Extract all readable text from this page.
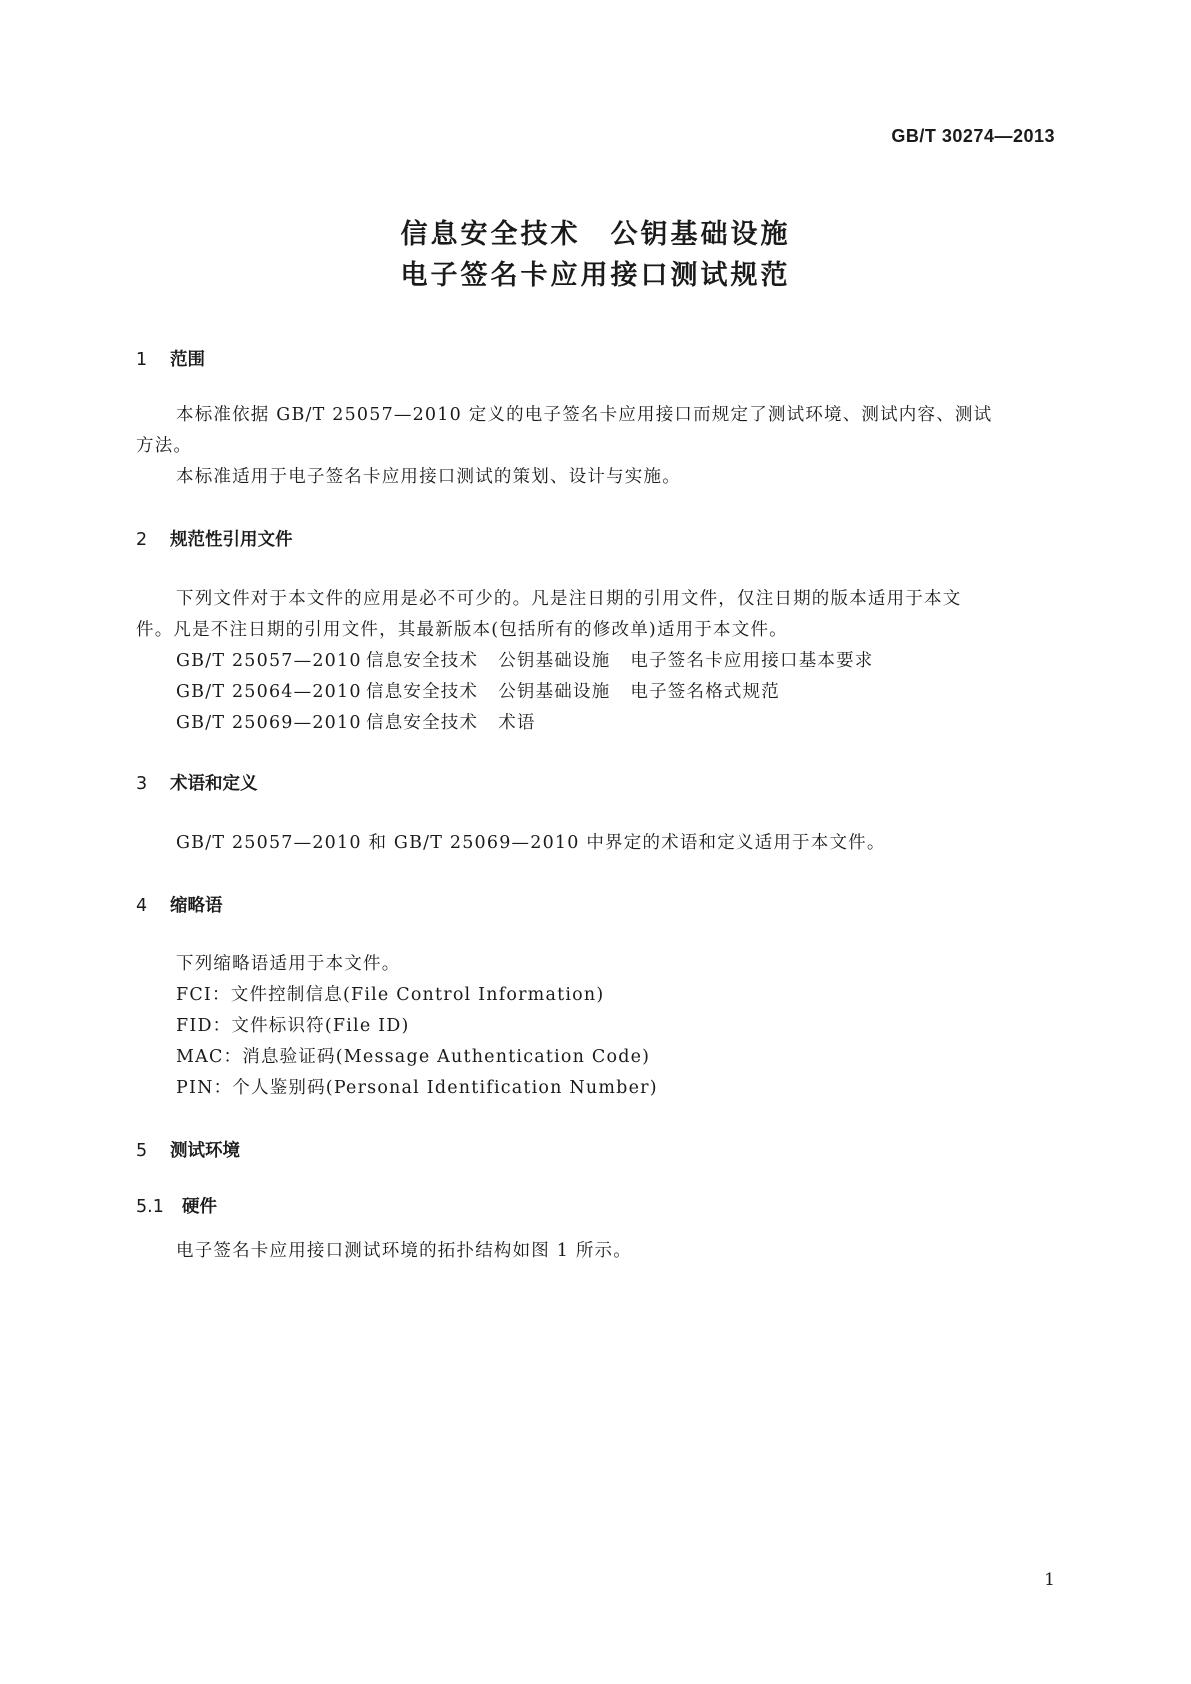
GB/T 30274—2013
信息安全技术　公钥基础设施
电子签名卡应用接口测试规范
1 范围
本标准依据 GB/T 25057—2010 定义的电子签名卡应用接口而规定了测试环境、测试内容、测试
方法。
本标准适用于电子签名卡应用接口测试的策划、设计与实施。
2 规范性引用文件
下列文件对于本文件的应用是必不可少的。凡是注日期的引用文件，仅注日期的版本适用于本文
件。凡是不注日期的引用文件，其最新版本(包括所有的修改单)适用于本文件。
GB/T 25057—2010 信息安全技术 公钥基础设施 电子签名卡应用接口基本要求
GB/T 25064—2010 信息安全技术 公钥基础设施 电子签名格式规范
GB/T 25069—2010 信息安全技术 术语
3 术语和定义
GB/T 25057—2010 和 GB/T 25069—2010 中界定的术语和定义适用于本文件。
4 缩略语
下列缩略语适用于本文件。
FCI：文件控制信息(File Control Information)
FID：文件标识符(File ID)
MAC：消息验证码(Message Authentication Code)
PIN：个人鉴别码(Personal Identification Number)
5 测试环境
5.1 硬件
电子签名卡应用接口测试环境的拓扑结构如图 1 所示。
1
